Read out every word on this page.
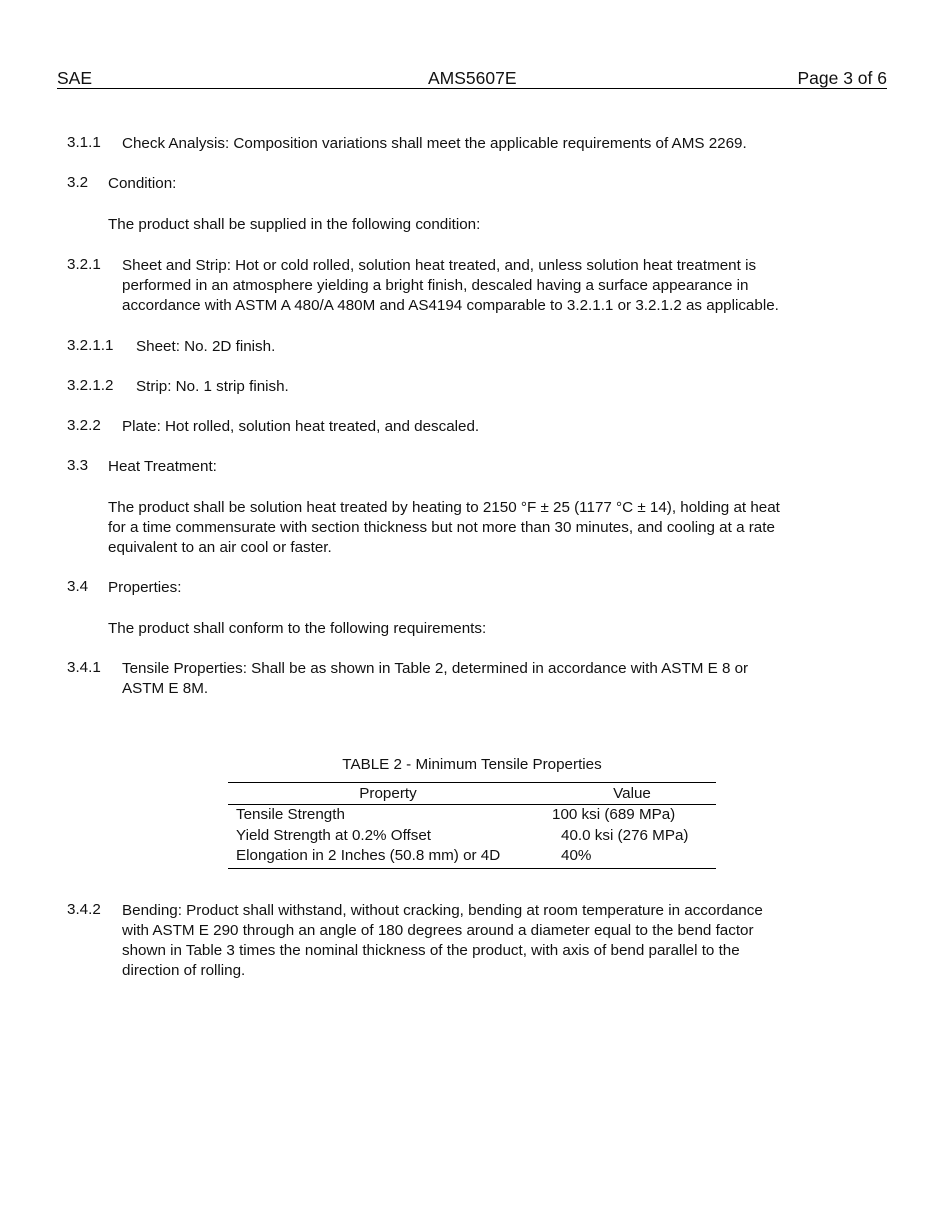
SAE	AMS5607E	Page 3 of 6
3.1.1 Check Analysis: Composition variations shall meet the applicable requirements of AMS 2269.
3.2 Condition:
The product shall be supplied in the following condition:
3.2.1 Sheet and Strip: Hot or cold rolled, solution heat treated, and, unless solution heat treatment is
performed in an atmosphere yielding a bright finish, descaled having a surface appearance in
accordance with ASTM A 480/A 480M and AS4194 comparable to 3.2.1.1 or 3.2.1.2 as applicable.
3.2.1.1 Sheet: No. 2D finish.
3.2.1.2 Strip: No. 1 strip finish.
3.2.2 Plate: Hot rolled, solution heat treated, and descaled.
3.3 Heat Treatment:
The product shall be solution heat treated by heating to 2150 °F ± 25 (1177 °C ± 14), holding at heat
for a time commensurate with section thickness but not more than 30 minutes, and cooling at a rate
equivalent to an air cool or faster.
3.4 Properties:
The product shall conform to the following requirements:
3.4.1 Tensile Properties: Shall be as shown in Table 2, determined in accordance with ASTM E 8 or
ASTM E 8M.
TABLE 2 - Minimum Tensile Properties
Property	Value
Tensile Strength	100 ksi (689 MPa)
Yield Strength at 0.2% Offset	40.0 ksi (276 MPa)
Elongation in 2 Inches (50.8 mm) or 4D	40%
3.4.2 Bending: Product shall withstand, without cracking, bending at room temperature in accordance
with ASTM E 290 through an angle of 180 degrees around a diameter equal to the bend factor
shown in Table 3 times the nominal thickness of the product, with axis of bend parallel to the
direction of rolling.
